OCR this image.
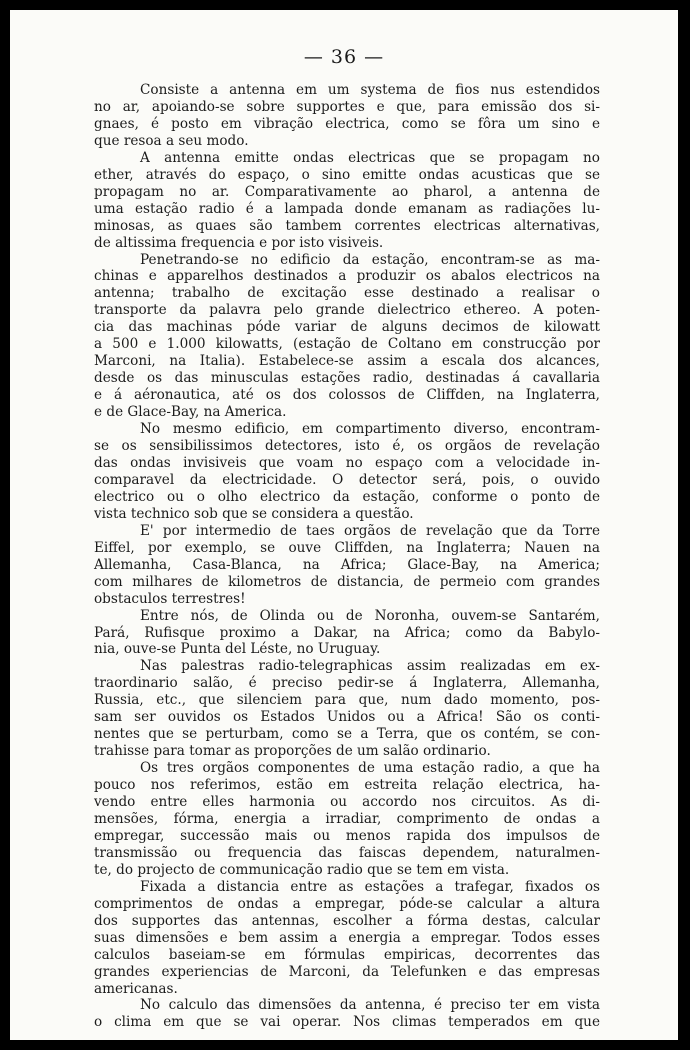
— 36 —
Consiste a antenna em um systema de fios nus estendidos
no ar, apoiando-se sobre supportes e que, para emissão dos si-
gnaes, é posto em vibração electrica, como se fôra um sino e
que resoa a seu modo.
A antenna emitte ondas electricas que se propagam no
ether, através do espaço, o sino emitte ondas acusticas que se
propagam no ar. Comparativamente ao pharol, a antenna de
uma estação radio é a lampada donde emanam as radiações lu-
minosas, as quaes são tambem correntes electricas alternativas,
de altissima frequencia e por isto visiveis.
Penetrando-se no edificio da estação, encontram-se as ma-
chinas e apparelhos destinados a produzir os abalos electricos na
antenna; trabalho de excitação esse destinado a realisar o
transporte da palavra pelo grande dielectrico ethereo. A poten-
cia das machinas póde variar de alguns decimos de kilowatt
a 500 e 1.000 kilowatts, (estação de Coltano em construcção por
Marconi, na Italia). Estabelece-se assim a escala dos alcances,
desde os das minusculas estações radio, destinadas á cavallaria
e á aéronautica, até os dos colossos de Cliffden, na Inglaterra,
e de Glace-Bay, na America.
No mesmo edificio, em compartimento diverso, encontram-
se os sensibilissimos detectores, isto é, os orgãos de revelação
das ondas invisiveis que voam no espaço com a velocidade in-
comparavel da electricidade. O detector será, pois, o ouvido
electrico ou o olho electrico da estação, conforme o ponto de
vista technico sob que se considera a questão.
E' por intermedio de taes orgãos de revelação que da Torre
Eiffel, por exemplo, se ouve Cliffden, na Inglaterra; Nauen na
Allemanha, Casa-Blanca, na Africa; Glace-Bay, na America;
com milhares de kilometros de distancia, de permeio com grandes
obstaculos terrestres!
Entre nós, de Olinda ou de Noronha, ouvem-se Santarém,
Pará, Rufisque proximo a Dakar, na Africa; como da Babylo-
nia, ouve-se Punta del Léste, no Uruguay.
Nas palestras radio-telegraphicas assim realizadas em ex-
traordinario salão, é preciso pedir-se á Inglaterra, Allemanha,
Russia, etc., que silenciem para que, num dado momento, pos-
sam ser ouvidos os Estados Unidos ou a Africa! São os conti-
nentes que se perturbam, como se a Terra, que os contém, se con-
trahisse para tomar as proporções de um salão ordinario.
Os tres orgãos componentes de uma estação radio, a que ha
pouco nos referimos, estão em estreita relação electrica, ha-
vendo entre elles harmonia ou accordo nos circuitos. As di-
mensões, fórma, energia a irradiar, comprimento de ondas a
empregar, successão mais ou menos rapida dos impulsos de
transmissão ou frequencia das faiscas dependem, naturalmen-
te, do projecto de communicação radio que se tem em vista.
Fixada a distancia entre as estações a trafegar, fixados os
comprimentos de ondas a empregar, póde-se calcular a altura
dos supportes das antennas, escolher a fórma destas, calcular
suas dimensões e bem assim a energia a empregar. Todos esses
calculos baseiam-se em fórmulas empiricas, decorrentes das
grandes experiencias de Marconi, da Telefunken e das empresas
americanas.
No calculo das dimensões da antenna, é preciso ter em vista
o clima em que se vai operar. Nos climas temperados em que
